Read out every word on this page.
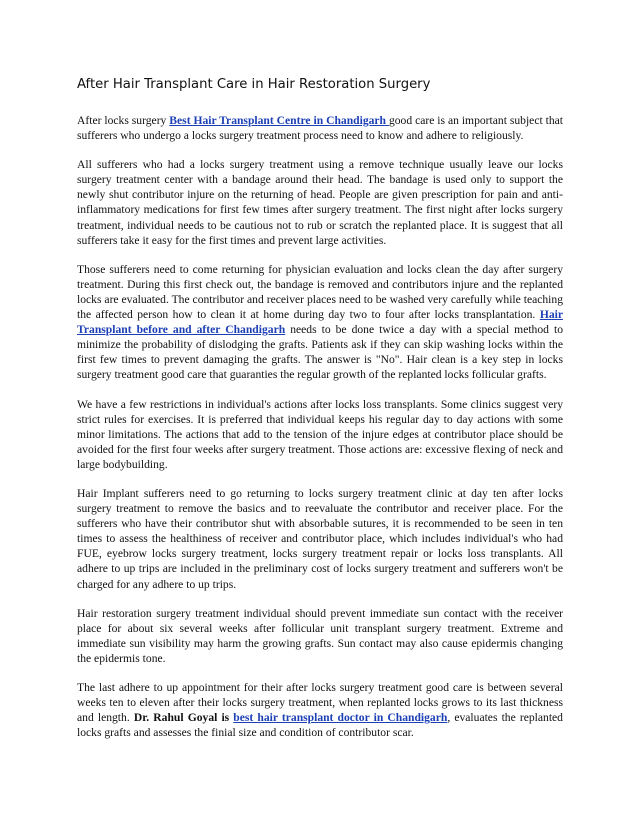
After Hair Transplant Care in Hair Restoration Surgery

After locks surgery Best Hair Transplant Centre in Chandigarh good care is an important subject that sufferers who undergo a locks surgery treatment process need to know and adhere to religiously.

All sufferers who had a locks surgery treatment using a remove technique usually leave our locks surgery treatment center with a bandage around their head. The bandage is used only to support the newly shut contributor injure on the returning of head. People are given prescription for pain and anti-inflammatory medications for first few times after surgery treatment. The first night after locks surgery treatment, individual needs to be cautious not to rub or scratch the replanted place. It is suggest that all sufferers take it easy for the first times and prevent large activities.

Those sufferers need to come returning for physician evaluation and locks clean the day after surgery treatment. During this first check out, the bandage is removed and contributors injure and the replanted locks are evaluated. The contributor and receiver places need to be washed very carefully while teaching the affected person how to clean it at home during day two to four after locks transplantation. Hair Transplant before and after Chandigarh needs to be done twice a day with a special method to minimize the probability of dislodging the grafts. Patients ask if they can skip washing locks within the first few times to prevent damaging the grafts. The answer is "No". Hair clean is a key step in locks surgery treatment good care that guaranties the regular growth of the replanted locks follicular grafts.

We have a few restrictions in individual's actions after locks loss transplants. Some clinics suggest very strict rules for exercises. It is preferred that individual keeps his regular day to day actions with some minor limitations. The actions that add to the tension of the injure edges at contributor place should be avoided for the first four weeks after surgery treatment. Those actions are: excessive flexing of neck and large bodybuilding.

Hair Implant sufferers need to go returning to locks surgery treatment clinic at day ten after locks surgery treatment to remove the basics and to reevaluate the contributor and receiver place. For the sufferers who have their contributor shut with absorbable sutures, it is recommended to be seen in ten times to assess the healthiness of receiver and contributor place, which includes individual's who had FUE, eyebrow locks surgery treatment, locks surgery treatment repair or locks loss transplants. All adhere to up trips are included in the preliminary cost of locks surgery treatment and sufferers won't be charged for any adhere to up trips.

Hair restoration surgery treatment individual should prevent immediate sun contact with the receiver place for about six several weeks after follicular unit transplant surgery treatment. Extreme and immediate sun visibility may harm the growing grafts. Sun contact may also cause epidermis changing the epidermis tone.

The last adhere to up appointment for their after locks surgery treatment good care is between several weeks ten to eleven after their locks surgery treatment, when replanted locks grows to its last thickness and length. Dr. Rahul Goyal is best hair transplant doctor in Chandigarh, evaluates the replanted locks grafts and assesses the finial size and condition of contributor scar.
